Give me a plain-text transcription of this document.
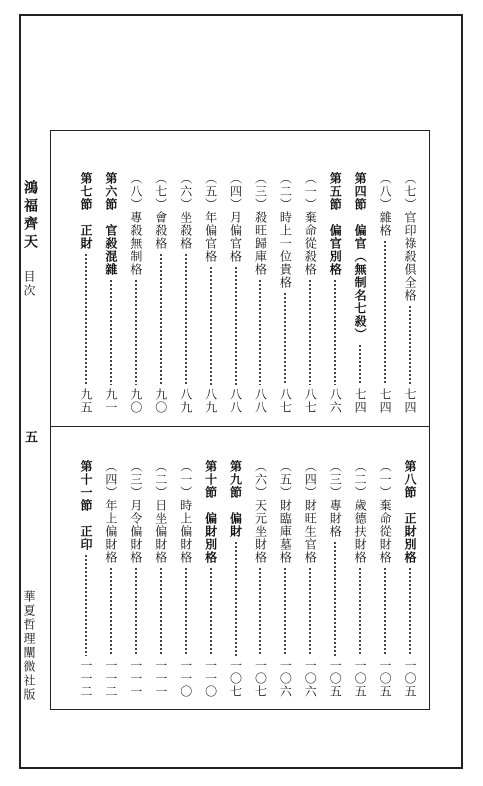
鴻福齊天
目次
五
華夏哲理闡微社版
（七）官印祿殺俱全格
七四
（八）雜格
七四
第四節　偏官（無制名七殺）
七四
第五節　偏官別格
八六
（一）棄命從殺格
八七
（二）時上一位貴格
八七
（三）殺旺歸庫格
八八
（四）月偏官格
八八
（五）年偏官格
八九
（六）坐殺格
八九
（七）會殺格
九〇
（八）專殺無制格
九〇
第六節　官殺混雜
九一
第七節　正財
九五
第八節　正財別格
一〇五
（一）棄命從財格
一〇五
（二）歲德扶財格
一〇五
（三）專財格
一〇五
（四）財旺生官格
一〇六
（五）財臨庫墓格
一〇六
（六）天元坐財格
一〇七
第九節　偏財
一〇七
第十節　偏財別格
一一〇
（一）時上偏財格
一一〇
（二）日坐偏財格
一一一
（三）月令偏財格
一一一
（四）年上偏財格
一一二
第十一節　正印
一一二
